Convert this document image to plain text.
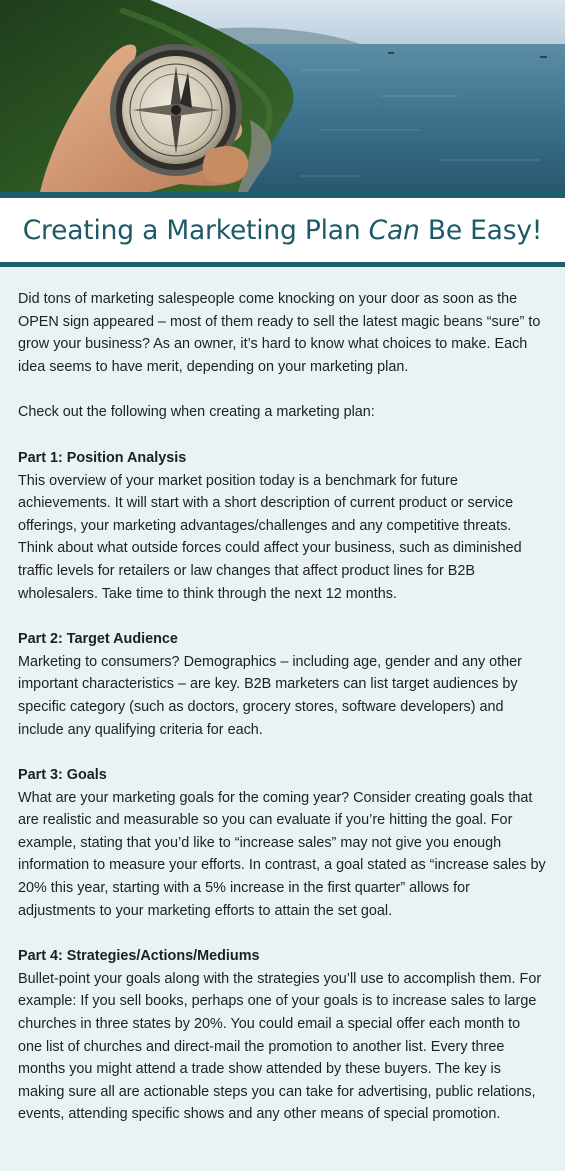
Creating a Marketing Plan Can Be Easy!

Did tons of marketing salespeople come knocking on your door as soon as the OPEN sign appeared – most of them ready to sell the latest magic beans “sure” to grow your business? As an owner, it’s hard to know what choices to make. Each idea seems to have merit, depending on your marketing plan.

Check out the following when creating a marketing plan:

Part 1: Position Analysis

This overview of your market position today is a benchmark for future achievements. It will start with a short description of current product or service offerings, your marketing advantages/challenges and any competitive threats. Think about what outside forces could affect your business, such as diminished traffic levels for retailers or law changes that affect product lines for B2B wholesalers. Take time to think through the next 12 months.

Part 2: Target Audience

Marketing to consumers? Demographics – including age, gender and any other important characteristics – are key. B2B marketers can list target audiences by specific category (such as doctors, grocery stores, software developers) and include any qualifying criteria for each.

Part 3: Goals

What are your marketing goals for the coming year? Consider creating goals that are realistic and measurable so you can evaluate if you’re hitting the goal. For example, stating that you’d like to “increase sales” may not give you enough information to measure your efforts. In contrast, a goal stated as “increase sales by 20% this year, starting with a 5% increase in the first quarter” allows for adjustments to your marketing efforts to attain the set goal.

Part 4: Strategies/Actions/Mediums

Bullet-point your goals along with the strategies you’ll use to accomplish them. For example: If you sell books, perhaps one of your goals is to increase sales to large churches in three states by 20%. You could email a special offer each month to one list of churches and direct-mail the promotion to another list. Every three months you might attend a trade show attended by these buyers. The key is making sure all are actionable steps you can take for advertising, public relations, events, attending specific shows and any other means of special promotion.
